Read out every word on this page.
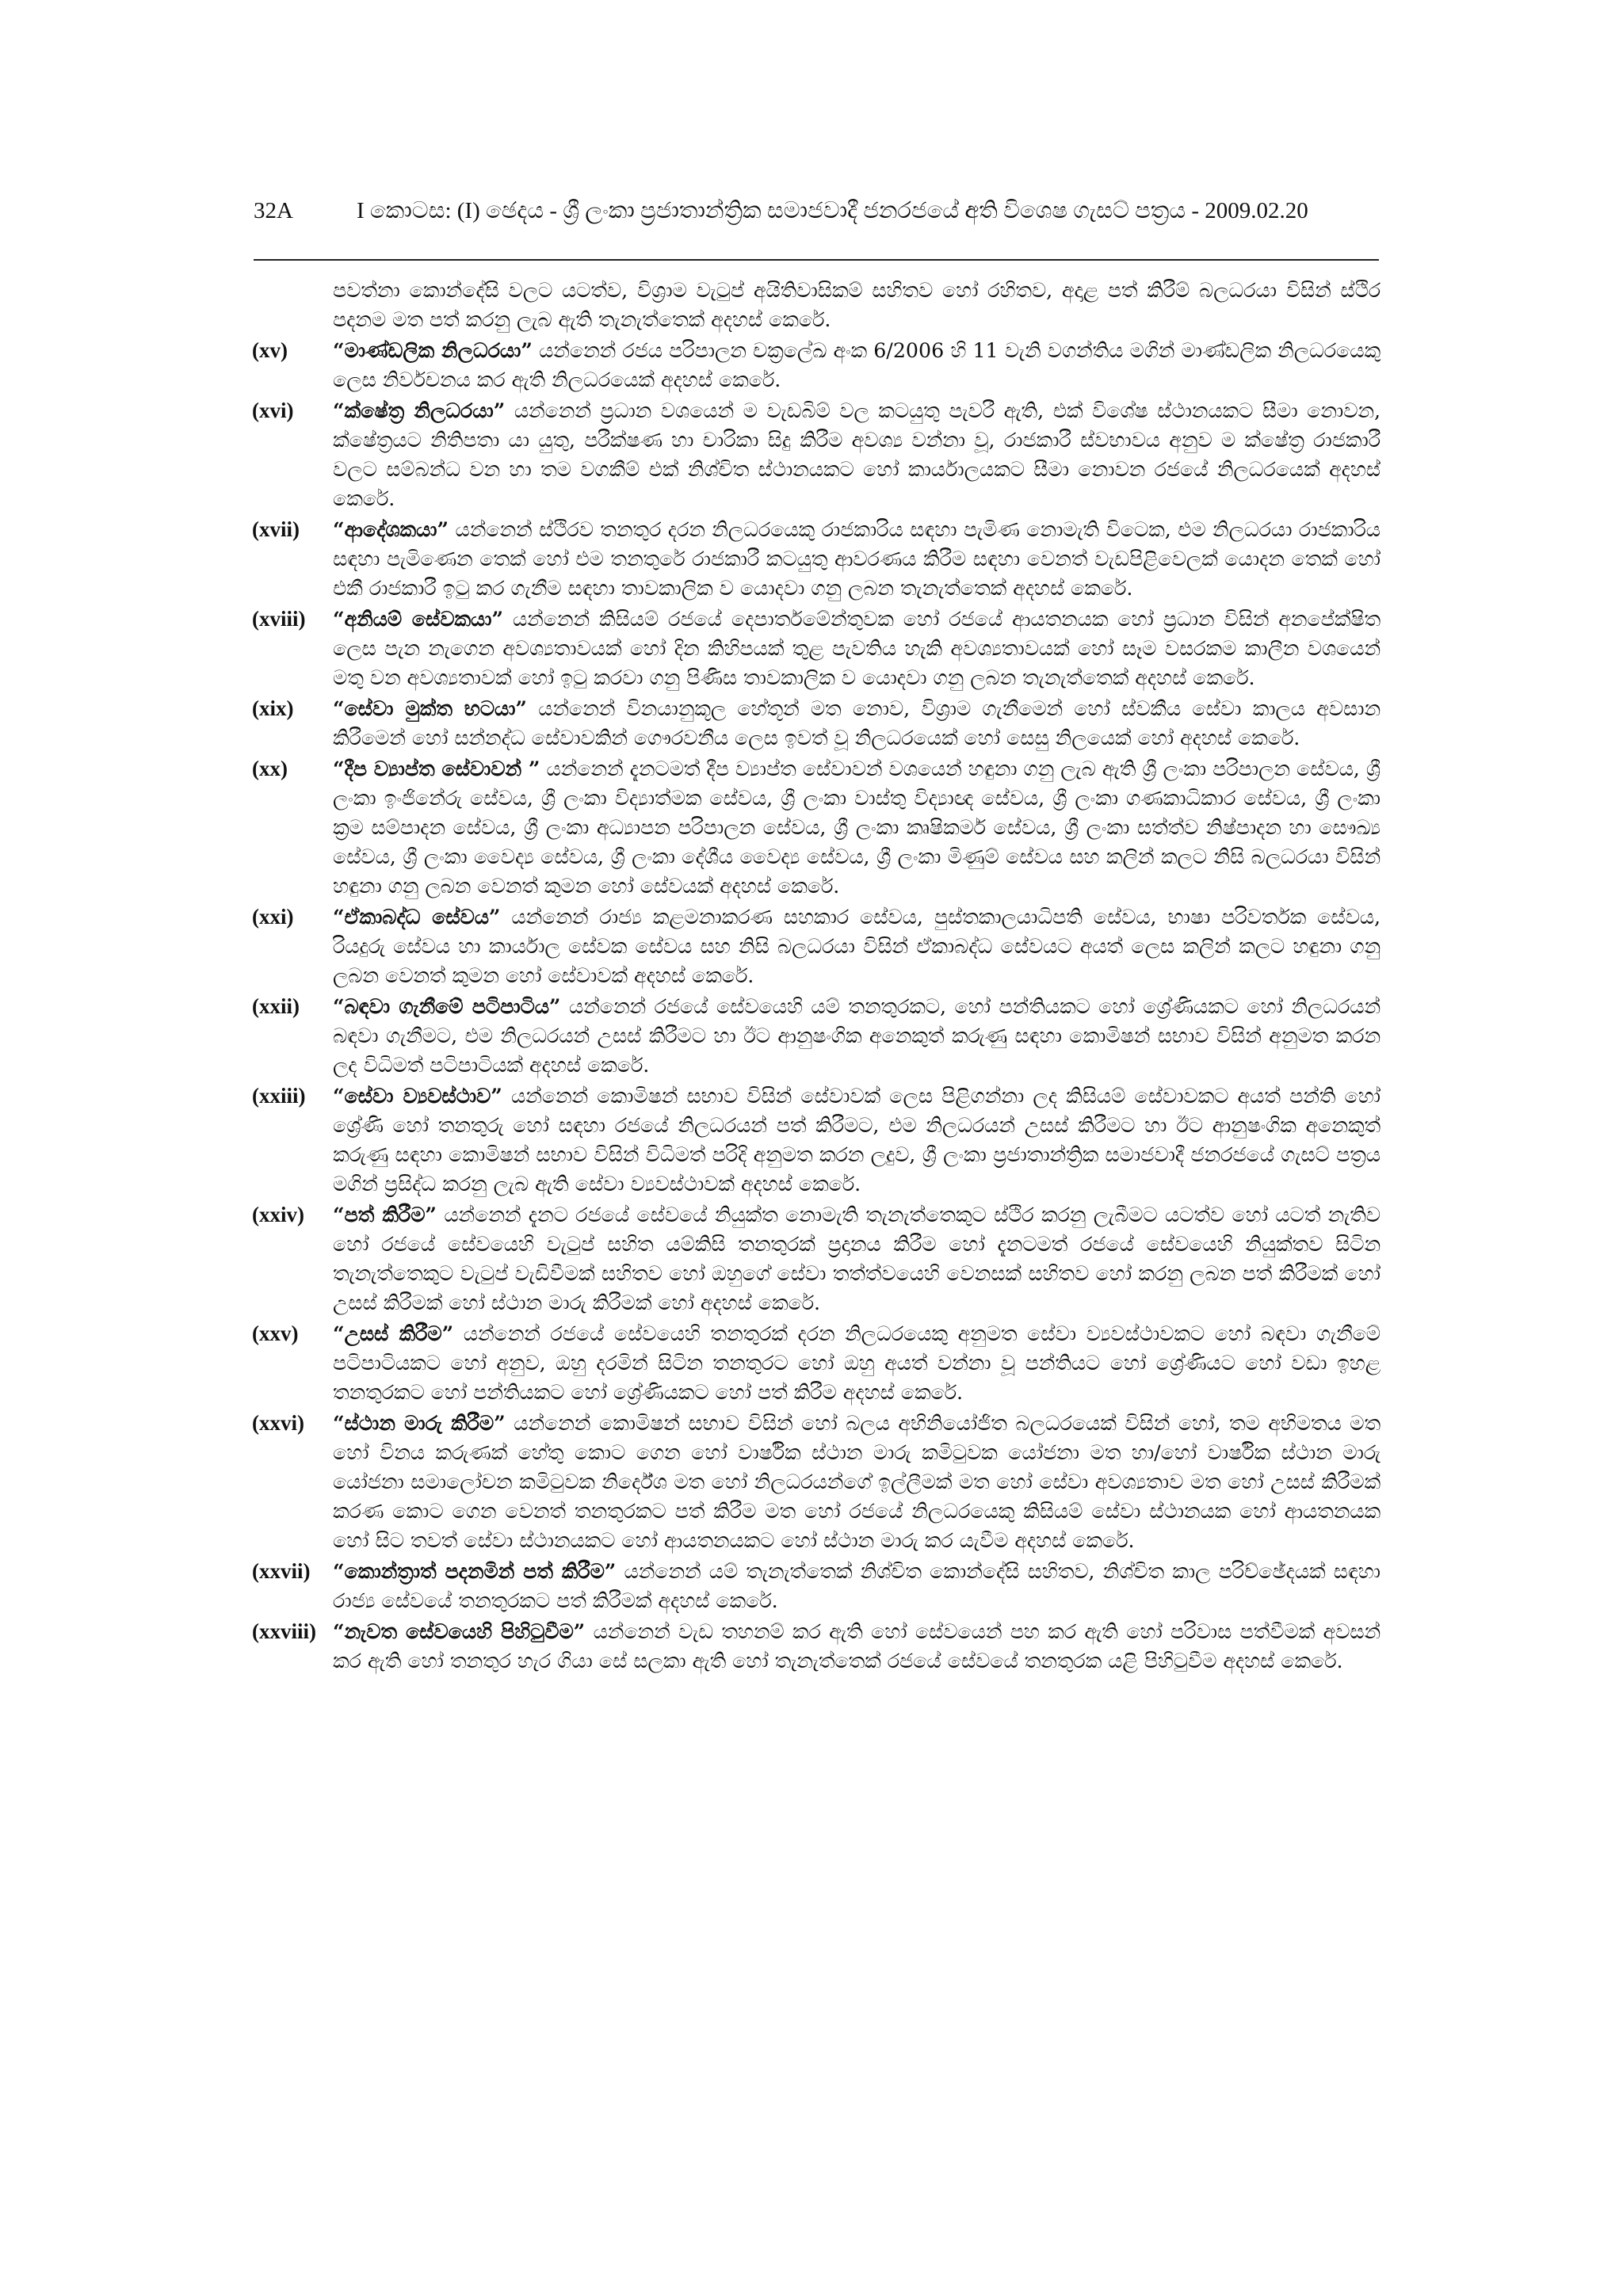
32A	I කොටස: (I) ඡෙදය - ශ්‍රී ලංකා ප්‍රජාතාන්ත්‍රික සමාජවාදී ජනරජයේ අති විශෙෂ ගැසට් පත්‍රය - 2009.02.20

පවත්නා කොන්දේසි වලට යටත්ව, විශ්‍රාම වැටුප් අයිතිවාසිකම් සහිතව හෝ රහිතව, අදාළ පත් කිරීම් බලධරයා විසින් ස්ථිර පදනම මත පත් කරනු ලැබ ඇති තැනැත්තෙක් අදහස් කෙරේ.

(xv)	“මාණ්ඩලික නිලධරයා” යන්නෙන් රජය පරිපාලන චක්‍රලේඛ අංක 6/2006 හි 11 වැනි වගන්තිය මගින් මාණ්ඩලික නිලධරයෙකු ලෙස නිර්වචනය කර ඇති නිලධරයෙක් අදහස් කෙරේ.
(xvi)	“ක්ෂේත්‍ර නිලධරයා” යන්නෙන් ප්‍රධාන වශයෙන් ම වැඩබිම් වල කටයුතු පැවරී ඇති, එක් විශේෂ ස්ථානයකට සීමා නොවන, ක්ෂේත්‍රයට නිතිපතා යා යුතු, පරීක්ෂණ හා චාරිකා සිදු කිරීම අවශ්‍ය වන්නා වූ, රාජකාරී ස්වභාවය අනුව ම ක්ෂේත්‍ර රාජකාරී වලට සම්බන්ධ වන හා තම වගකීම් එක් නිශ්චිත ස්ථානයකට හෝ කාර්යාලයකට සීමා නොවන රජයේ නිලධරයෙක් අදහස් කෙරේ.
(xvii)	“ආදේශකයා” යන්නෙන් ස්ථිරව තනතුර දරන නිලධරයෙකු රාජකාරිය සඳහා පැමිණ නොමැති විටෙක, එම නිලධරයා රාජකාරිය සඳහා පැමිණෙන තෙක් හෝ එම තනතුරේ රාජකාරී කටයුතු ආවරණය කිරීම සඳහා වෙනත් වැඩපිළිවෙලක් යොදන තෙක් හෝ එකී රාජකාරී ඉටු කර ගැනීම සඳහා තාවකාලික ව යොදවා ගනු ලබන තැනැත්තෙක් අදහස් කෙරේ.
(xviii)	“අනියම් සේවකයා” යන්නෙන් කිසියම් රජයේ දෙපාර්තමේන්තුවක හෝ රජයේ ආයතනයක හෝ ප්‍රධාන විසින් අනපේක්ෂිත ලෙස පැන නැගෙන අවශ්‍යතාවයක් හෝ දින කිහිපයක් තුළ පැවතිය හැකි අවශ්‍යතාවයක් හෝ සෑම වසරකම කාලීන වශයෙන් මතු වන අවශ්‍යතාවක් හෝ ඉටු කරවා ගනු පිණිස තාවකාලික ව යොදවා ගනු ලබන තැනැත්තෙක් අදහස් කෙරේ.
(xix)	“සේවා මුක්ත භටයා” යන්නෙන් විනයානුකූල හේතූන් මත නොව, විශ්‍රාම ගැනීමෙන් හෝ ස්වකීය සේවා කාලය අවසාන කිරීමෙන් හෝ සන්නද්ධ සේවාවකින් ගෞරවනීය ලෙස ඉවත් වූ නිලධරයෙක් හෝ සෙසු නිලයෙක් හෝ අදහස් කෙරේ.
(xx)	“දීප ව්‍යාප්ත සේවාවන් ” යන්නෙන් දැනටමත් දීප ව්‍යාප්ත සේවාවන් වශයෙන් හඳුනා ගනු ලැබ ඇති ශ්‍රී ලංකා පරිපාලන සේවය, ශ්‍රී ලංකා ඉංජිනේරු සේවය, ශ්‍රී ලංකා විද්‍යාත්මක සේවය, ශ්‍රී ලංකා වාස්තු විද්‍යාඥ සේවය, ශ්‍රී ලංකා ගණකාධිකාර සේවය, ශ්‍රී ලංකා ක්‍රම සම්පාදන සේවය, ශ්‍රී ලංකා අධ්‍යාපන පරිපාලන සේවය, ශ්‍රී ලංකා කෘෂිකර්ම සේවය, ශ්‍රී ලංකා සත්ත්ව නිෂ්පාදන හා සෞඛ්‍ය සේවය, ශ්‍රී ලංකා වෛද්‍ය සේවය, ශ්‍රී ලංකා දේශීය වෛද්‍ය සේවය, ශ්‍රී ලංකා මිණුම් සේවය සහ කලින් කලට නිසි බලධරයා විසින් හඳුනා ගනු ලබන වෙනත් කුමන හෝ සේවයක් අදහස් කෙරේ.
(xxi)	“ඒකාබද්ධ සේවය” යන්නෙන් රාජ්‍ය කළමනාකරණ සහකාර සේවය, පුස්තකාලයාධිපති සේවය, භාෂා පරිවර්තක සේවය, රියදුරු සේවය හා කාර්යාල සේවක සේවය සහ නිසි බලධරයා විසින් ඒකාබද්ධ සේවයට අයත් ලෙස කලින් කලට හඳුනා ගනු ලබන වෙනත් කුමන හෝ සේවාවක් අදහස් කෙරේ.
(xxii)	“බඳවා ගැනීමේ පටිපාටිය” යන්නෙන් රජයේ සේවයෙහි යම් තනතුරකට, හෝ පන්තියකට හෝ ශ්‍රේණියකට හෝ නිලධරයන් බඳවා ගැනීමට, එම නිලධරයන් උසස් කිරීමට හා ඊට ආනුෂංගික අනෙකුත් කරුණු සඳහා කොමිෂන් සභාව විසින් අනුමත කරන ලද විධිමත් පටිපාටියක් අදහස් කෙරේ.
(xxiii)	“සේවා ව්‍යවස්ථාව” යන්නෙන් කොමිෂන් සභාව විසින් සේවාවක් ලෙස පිළිගන්නා ලද කිසියම් සේවාවකට අයත් පන්ති හෝ ශ්‍රේණි හෝ තනතුරු හෝ සඳහා රජයේ නිලධරයන් පත් කිරීමට, එම නිලධරයන් උසස් කිරීමට හා ඊට ආනුෂංගික අනෙකුත් කරුණු සඳහා කොමිෂන් සභාව විසින් විධිමත් පරිදි අනුමත කරන ලදුව, ශ්‍රී ලංකා ප්‍රජාතාන්ත්‍රික සමාජවාදී ජනරජයේ ගැසට් පත්‍රය මගින් ප්‍රසිද්ධ කරනු ලැබ ඇති සේවා ව්‍යවස්ථාවක් අදහස් කෙරේ.
(xxiv)	“පත් කිරීම” යන්නෙන් දැනට රජයේ සේවයේ නියුක්ත නොමැති තැනැත්තෙකුට ස්ථිර කරනු ලැබීමට යටත්ව හෝ යටත් නැතිව හෝ රජයේ සේවයෙහි වැටුප් සහිත යම්කිසි තනතුරක් ප්‍රදානය කිරීම හෝ දැනටමත් රජයේ සේවයෙහි නියුක්තව සිටින තැනැත්තෙකුට වැටුප් වැඩිවීමක් සහිතව හෝ ඔහුගේ සේවා තත්ත්වයෙහි වෙනසක් සහිතව හෝ කරනු ලබන පත් කිරීමක් හෝ උසස් කිරීමක් හෝ ස්ථාන මාරු කිරීමක් හෝ අදහස් කෙරේ.
(xxv)	“උසස් කිරීම” යන්නෙන් රජයේ සේවයෙහි තනතුරක් දරන නිලධරයෙකු අනුමත සේවා ව්‍යවස්ථාවකට හෝ බඳවා ගැනීමේ පටිපාටියකට හෝ අනුව, ඔහු දරමින් සිටින තනතුරට හෝ ඔහු අයත් වන්නා වූ පන්තියට හෝ ශ්‍රේණියට හෝ වඩා ඉහළ තනතුරකට හෝ පන්තියකට හෝ ශ්‍රේණියකට හෝ පත් කිරීම අදහස් කෙරේ.
(xxvi)	“ස්ථාන මාරු කිරීම” යන්නෙන් කොමිෂන් සභාව විසින් හෝ බලය අභිනියෝජිත බලධරයෙක් විසින් හෝ, තම අභිමතය මත හෝ විනය කරුණක් හේතු කොට ගෙන හෝ වාර්ෂික ස්ථාන මාරු කමිටුවක යෝජනා මත හා/හෝ වාර්ෂික ස්ථාන මාරු යෝජනා සමාලෝචන කමිටුවක නිර්දේශ මත හෝ නිලධරයන්ගේ ඉල්ලීමක් මත හෝ සේවා අවශ්‍යතාව මත හෝ උසස් කිරීමක් කරණ කොට ගෙන වෙනත් තනතුරකට පත් කිරීම මත හෝ රජයේ නිලධරයෙකු කිසියම් සේවා ස්ථානයක හෝ ආයතනයක හෝ සිට තවත් සේවා ස්ථානයකට හෝ ආයතනයකට හෝ ස්ථාන මාරු කර යැවීම අදහස් කෙරේ.
(xxvii)	“කොන්ත්‍රාත් පදනමින් පත් කිරීම” යන්නෙන් යම් තැනැත්තෙක් නිශ්චිත කොන්දේසි සහිතව, නිශ්චිත කාල පරිච්ඡේදයක් සඳහා රාජ්‍ය සේවයේ තනතුරකට පත් කිරීමක් අදහස් කෙරේ.
(xxviii) “නැවත සේවයෙහි පිහිටුවීම” යන්නෙන් වැඩ තහනම් කර ඇති හෝ සේවයෙන් පහ කර ඇති හෝ පරිවාස පත්වීමක් අවසන් කර ඇති හෝ තනතුර හැර ගියා සේ සලකා ඇති හෝ තැනැත්තෙක් රජයේ සේවයේ තනතුරක යළි පිහිටුවීම අදහස් කෙරේ.
